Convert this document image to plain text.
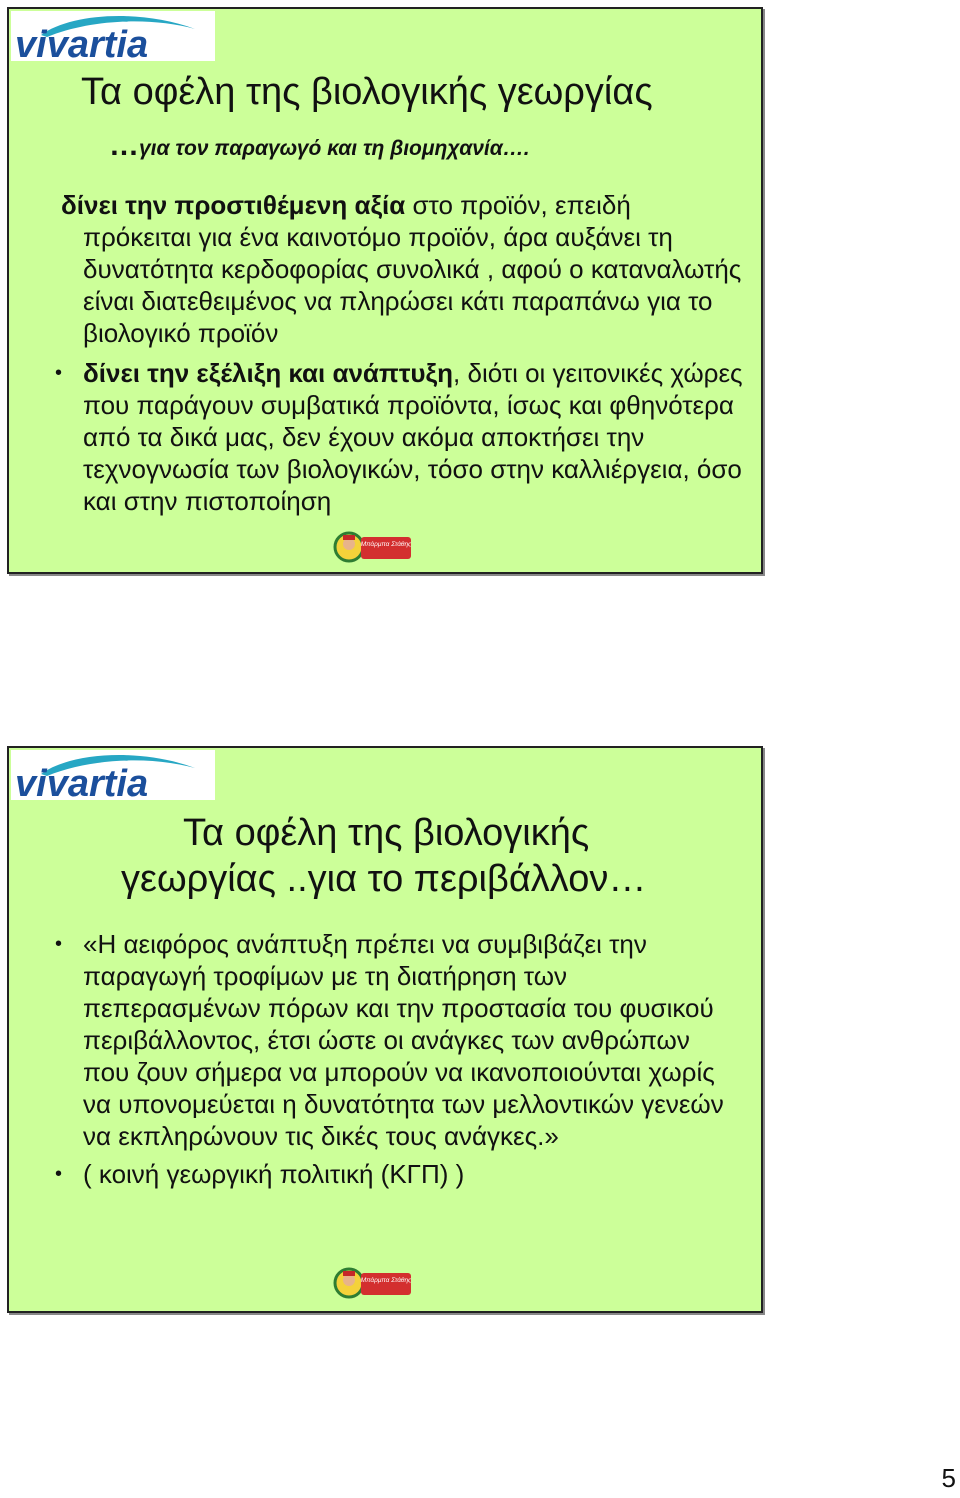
vivartia
Τα οφέλη της βιολογικής γεωργίας

…για τον παραγωγό και τη βιομηχανία….

δίνει την προστιθέμενη αξία στο προϊόν, επειδή
πρόκειται για ένα καινοτόμο προϊόν, άρα αυξάνει τη δυνατότητα κερδοφορίας συνολικά , αφού ο καταναλωτής είναι διατεθειμένος να πληρώσει κάτι παραπάνω για το βιολογικό προϊόν

• δίνει την εξέλιξη και ανάπτυξη, διότι οι γειτονικές χώρες που παράγουν συμβατικά προϊόντα, ίσως και φθηνότερα από τα δικά μας, δεν έχουν ακόμα αποκτήσει την τεχνογνωσία των βιολογικών, τόσο στην καλλιέργεια, όσο και στην πιστοποίηση
Μπάρμπα Στάθης
vivartia
Τα οφέλη της βιολογικής
γεωργίας ..για το περιβάλλον…
• «Η αειφόρος ανάπτυξη πρέπει να συμβιβάζει την παραγωγή τροφίμων με τη διατήρηση των πεπερασμένων πόρων και την προστασία του φυσικού περιβάλλοντος, έτσι ώστε οι ανάγκες των ανθρώπων που ζουν σήμερα να μπορούν να ικανοποιούνται χωρίς να υπονομεύεται η δυνατότητα των μελλοντικών γενεών να εκπληρώνουν τις δικές τους ανάγκες.»
• ( κοινή γεωργική πολιτική (ΚΓΠ) )
Μπάρμπα Στάθης

5
